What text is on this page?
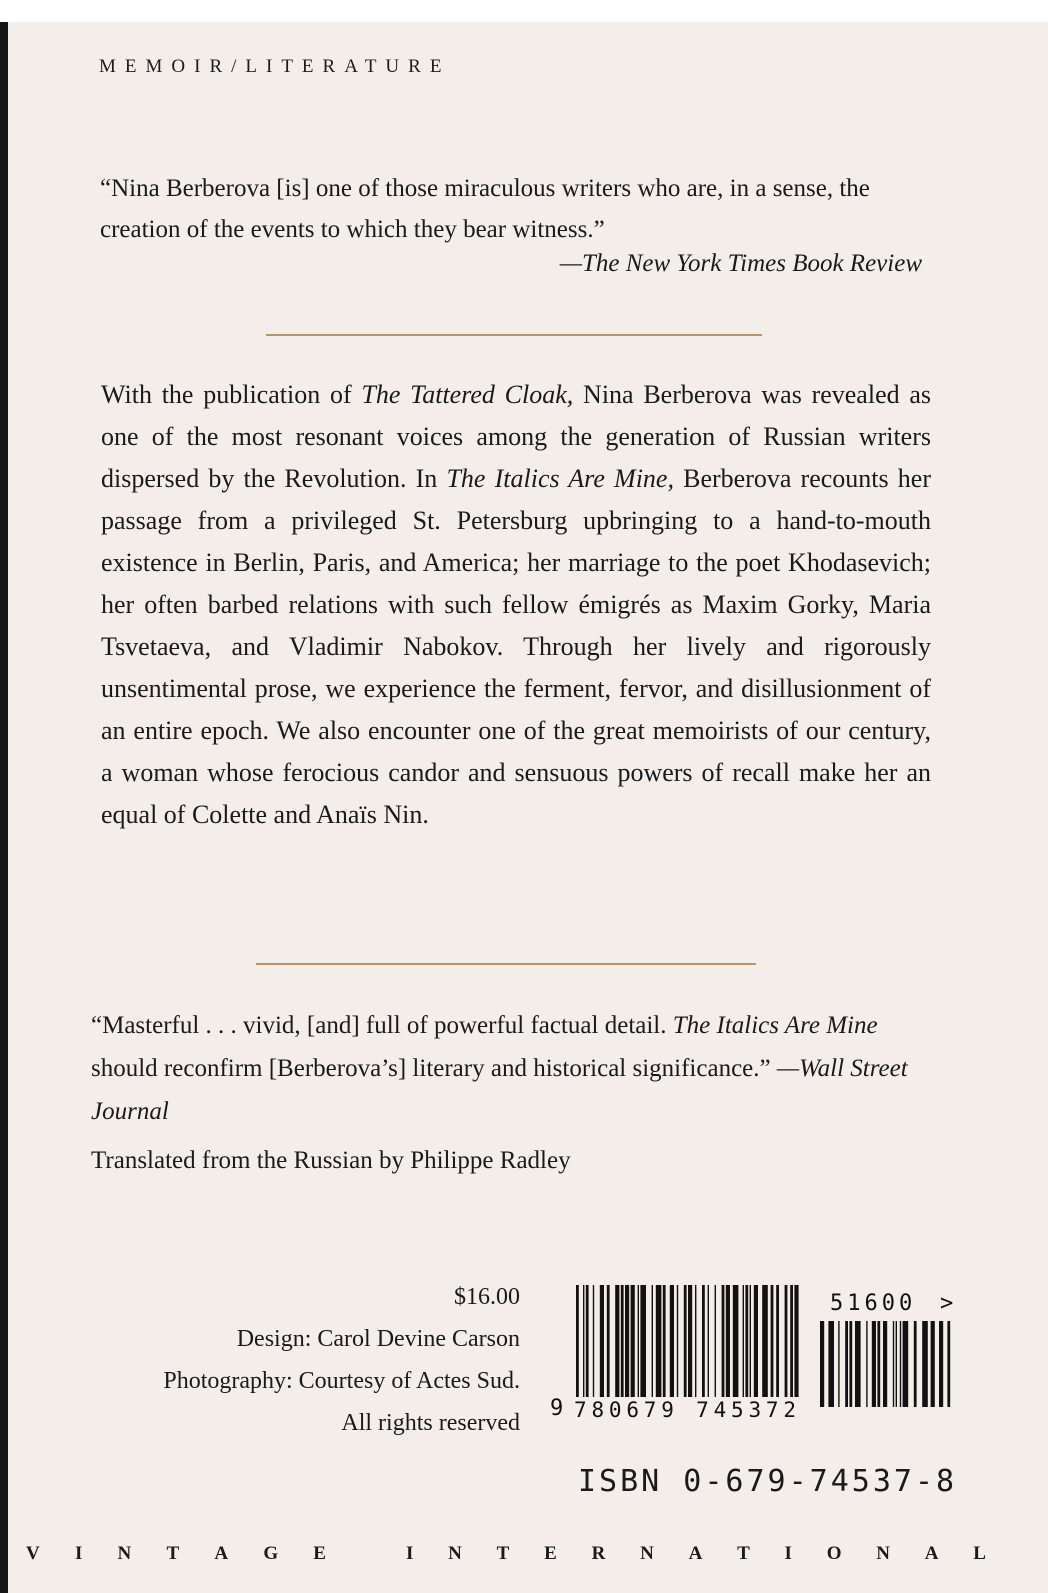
MEMOIR/LITERATURE
“Nina Berberova [is] one of those miraculous writers who are, in a sense, the creation of the events to which they bear witness.”
—The New York Times Book Review
With the publication of The Tattered Cloak, Nina Berberova was revealed as one of the most resonant voices among the generation of Russian writers dispersed by the Revolution. In The Italics Are Mine, Berberova recounts her passage from a privileged St. Petersburg upbringing to a hand-to-mouth existence in Berlin, Paris, and America; her marriage to the poet Khodasevich; her often barbed relations with such fellow émigrés as Maxim Gorky, Maria Tsvetaeva, and Vladimir Nabokov. Through her lively and rigorously unsentimental prose, we experience the ferment, fervor, and disillusionment of an entire epoch. We also encounter one of the great memoirists of our century, a woman whose ferocious candor and sensuous powers of recall make her an equal of Colette and Anaïs Nin.
“Masterful . . . vivid, [and] full of powerful factual detail. The Italics Are Mine should reconfirm [Berberova’s] literary and historical significance.” —Wall Street Journal
Translated from the Russian by Philippe Radley
$16.00
Design: Carol Devine Carson
Photography: Courtesy of Actes Sud.
All rights reserved
9 780679 745372
51600 >
ISBN 0-679-74537-8
V I N T A G E	I N T E R N A T I O N A L
